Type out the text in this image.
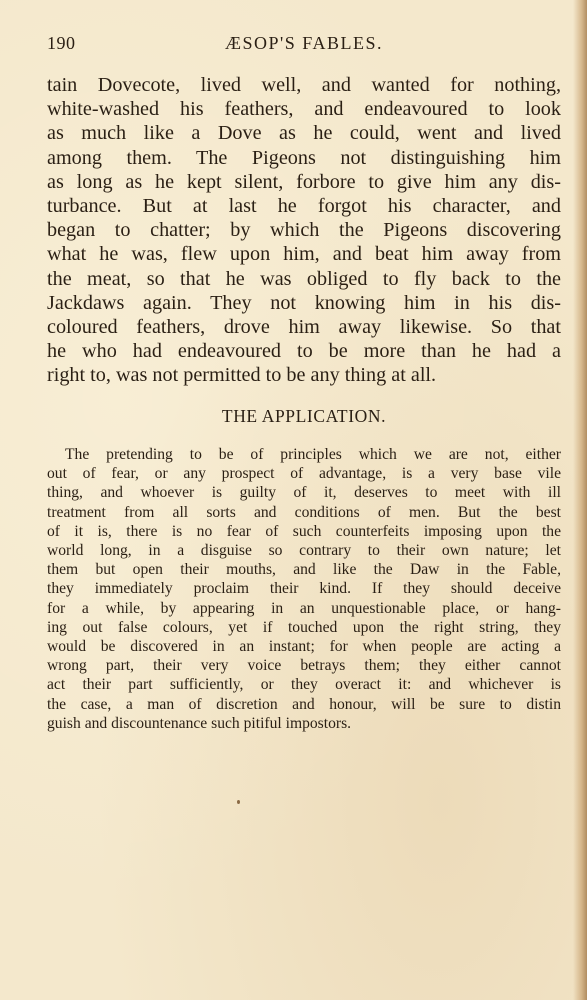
190	ÆSOP'S FABLES.
tain Dovecote, lived well, and wanted for nothing,
white-washed his feathers, and endeavoured to look
as much like a Dove as he could, went and lived
among them. The Pigeons not distinguishing him
as long as he kept silent, forbore to give him any dis-
turbance. But at last he forgot his character, and
began to chatter; by which the Pigeons discovering
what he was, flew upon him, and beat him away from
the meat, so that he was obliged to fly back to the
Jackdaws again. They not knowing him in his dis-
coloured feathers, drove him away likewise. So that
he who had endeavoured to be more than he had a
right to, was not permitted to be any thing at all.
THE APPLICATION.
The pretending to be of principles which we are not, either
out of fear, or any prospect of advantage, is a very base vile
thing, and whoever is guilty of it, deserves to meet with ill
treatment from all sorts and conditions of men. But the best
of it is, there is no fear of such counterfeits imposing upon the
world long, in a disguise so contrary to their own nature; let
them but open their mouths, and like the Daw in the Fable,
they immediately proclaim their kind. If they should deceive
for a while, by appearing in an unquestionable place, or hang-
ing out false colours, yet if touched upon the right string, they
would be discovered in an instant; for when people are acting a
wrong part, their very voice betrays them; they either cannot
act their part sufficiently, or they overact it: and whichever is
the case, a man of discretion and honour, will be sure to distin
guish and discountenance such pitiful impostors.
